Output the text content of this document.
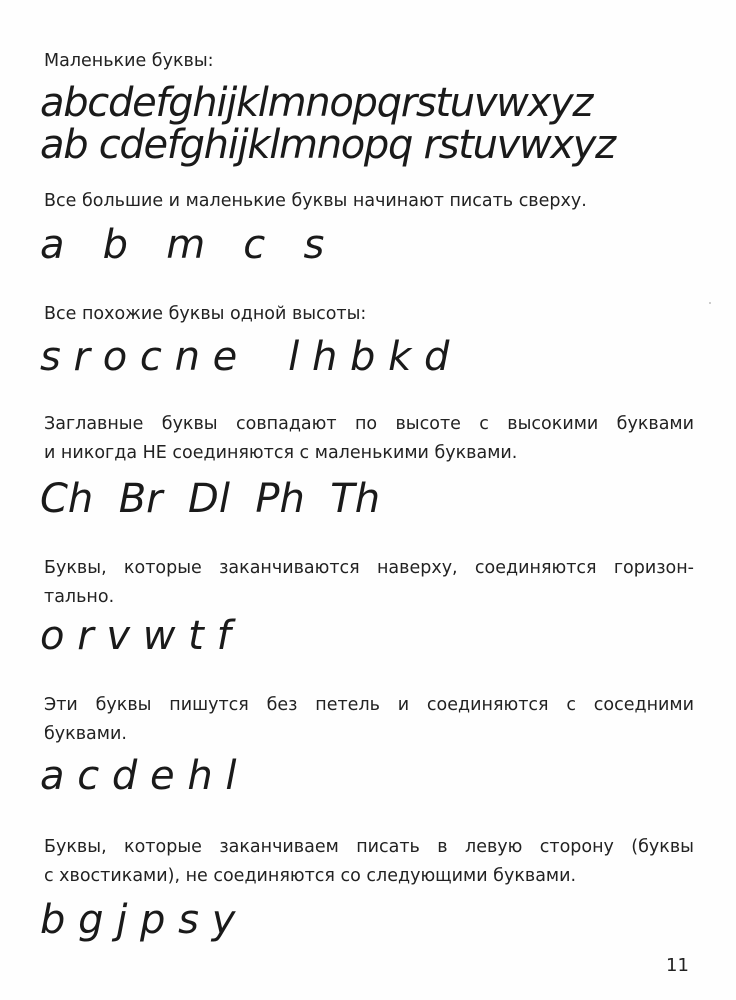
Маленькие буквы:
abcdefghijklmnopqrstuvwxyz
ab cdefghijklmnopq rstuvwxyz
Все большие и маленькие буквы начинают писать сверху.
a   b   m   c   s
Все похожие буквы одной высоты:
s r o c n e    l h b k d
Заглавные буквы совпадают по высоте с высокими буквами
и никогда НЕ соединяются с маленькими буквами.
Ch  Br  Dl  Ph  Th
Буквы, которые заканчиваются наверху, соединяются горизон-
тально.
o r v w t f
Эти буквы пишутся без петель и соединяются с соседними
буквами.
a c d e h l
Буквы, которые заканчиваем писать в левую сторону (буквы
с хвостиками), не соединяются со следующими буквами.
b g j p s y
11
